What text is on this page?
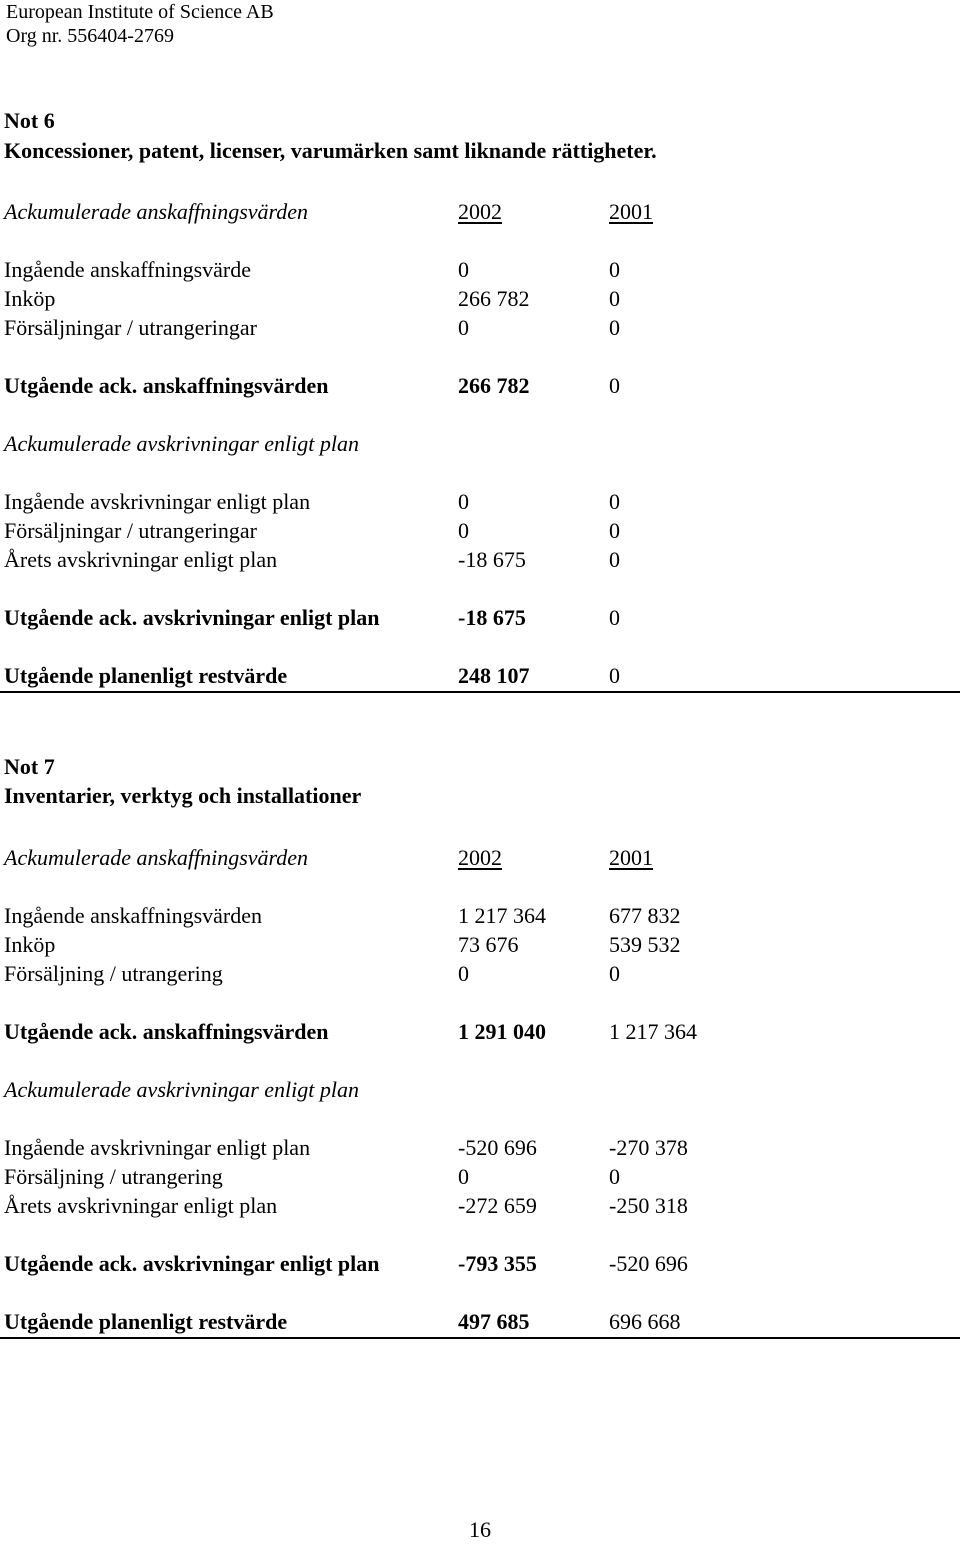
European Institute of Science AB
Org nr. 556404-2769
Not 6
Koncessioner, patent, licenser, varumärken samt liknande rättigheter.
Ackumulerade anskaffningsvärden	2002	2001
Ingående anskaffningsvärde	0	0
Inköp	266 782	0
Försäljningar / utrangeringar	0	0
Utgående ack. anskaffningsvärden	266 782	0
Ackumulerade avskrivningar enligt plan
Ingående avskrivningar enligt plan	0	0
Försäljningar / utrangeringar	0	0
Årets avskrivningar enligt plan	-18 675	0
Utgående ack. avskrivningar enligt plan	-18 675	0
Utgående planenligt restvärde	248 107	0
Not 7
Inventarier, verktyg och installationer
Ackumulerade anskaffningsvärden	2002	2001
Ingående anskaffningsvärden	1 217 364	677 832
Inköp	73 676	539 532
Försäljning / utrangering	0	0
Utgående ack. anskaffningsvärden	1 291 040	1 217 364
Ackumulerade avskrivningar enligt plan
Ingående avskrivningar enligt plan	-520 696	-270 378
Försäljning / utrangering	0	0
Årets avskrivningar enligt plan	-272 659	-250 318
Utgående ack. avskrivningar enligt plan	-793 355	-520 696
Utgående planenligt restvärde	497 685	696 668
16
